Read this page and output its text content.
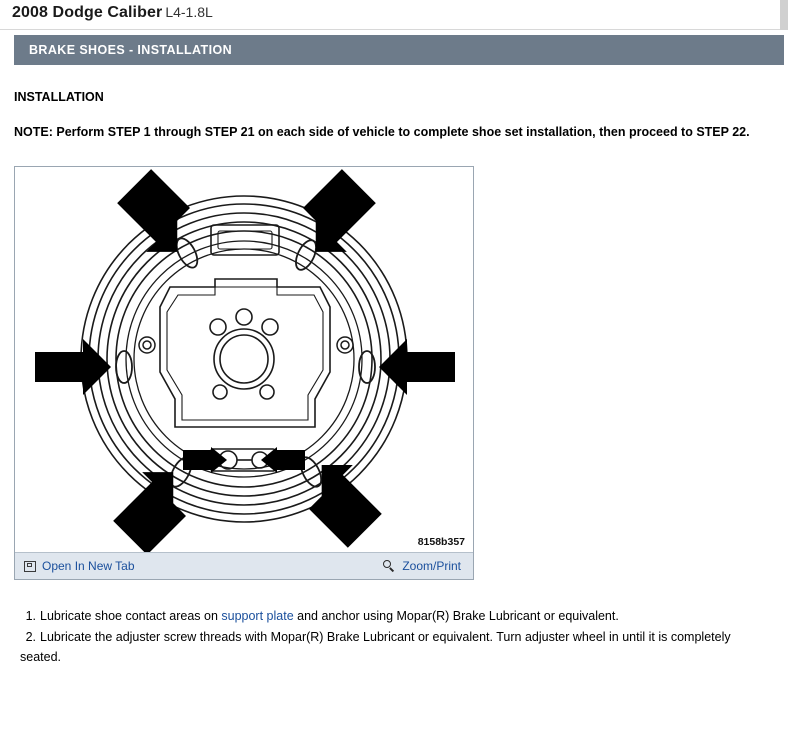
2008 Dodge Caliber L4-1.8L
BRAKE SHOES - INSTALLATION
INSTALLATION
NOTE: Perform STEP 1 through STEP 21 on each side of vehicle to complete shoe set installation, then proceed to STEP 22.
8158b357
Open In New Tab	Zoom/Print
1. Lubricate shoe contact areas on support plate and anchor using Mopar(R) Brake Lubricant or equivalent.
2. Lubricate the adjuster screw threads with Mopar(R) Brake Lubricant or equivalent. Turn adjuster wheel in until it is completely seated.
